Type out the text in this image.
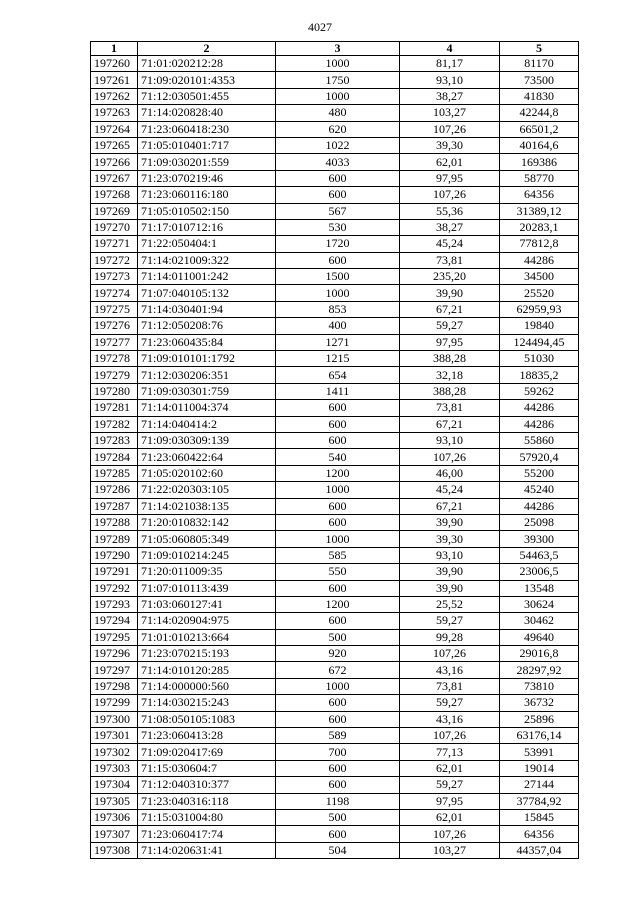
4027
1	2	3	4	5
197260	71:01:020212:28	1000	81,17	81170
197261	71:09:020101:4353	1750	93,10	73500
197262	71:12:030501:455	1000	38,27	41830
197263	71:14:020828:40	480	103,27	42244,8
197264	71:23:060418:230	620	107,26	66501,2
197265	71:05:010401:717	1022	39,30	40164,6
197266	71:09:030201:559	4033	62,01	169386
197267	71:23:070219:46	600	97,95	58770
197268	71:23:060116:180	600	107,26	64356
197269	71:05:010502:150	567	55,36	31389,12
197270	71:17:010712:16	530	38,27	20283,1
197271	71:22:050404:1	1720	45,24	77812,8
197272	71:14:021009:322	600	73,81	44286
197273	71:14:011001:242	1500	235,20	34500
197274	71:07:040105:132	1000	39,90	25520
197275	71:14:030401:94	853	67,21	62959,93
197276	71:12:050208:76	400	59,27	19840
197277	71:23:060435:84	1271	97,95	124494,45
197278	71:09:010101:1792	1215	388,28	51030
197279	71:12:030206:351	654	32,18	18835,2
197280	71:09:030301:759	1411	388,28	59262
197281	71:14:011004:374	600	73,81	44286
197282	71:14:040414:2	600	67,21	44286
197283	71:09:030309:139	600	93,10	55860
197284	71:23:060422:64	540	107,26	57920,4
197285	71:05:020102:60	1200	46,00	55200
197286	71:22:020303:105	1000	45,24	45240
197287	71:14:021038:135	600	67,21	44286
197288	71:20:010832:142	600	39,90	25098
197289	71:05:060805:349	1000	39,30	39300
197290	71:09:010214:245	585	93,10	54463,5
197291	71:20:011009:35	550	39,90	23006,5
197292	71:07:010113:439	600	39,90	13548
197293	71:03:060127:41	1200	25,52	30624
197294	71:14:020904:975	600	59,27	30462
197295	71:01:010213:664	500	99,28	49640
197296	71:23:070215:193	920	107,26	29016,8
197297	71:14:010120:285	672	43,16	28297,92
197298	71:14:000000:560	1000	73,81	73810
197299	71:14:030215:243	600	59,27	36732
197300	71:08:050105:1083	600	43,16	25896
197301	71:23:060413:28	589	107,26	63176,14
197302	71:09:020417:69	700	77,13	53991
197303	71:15:030604:7	600	62,01	19014
197304	71:12:040310:377	600	59,27	27144
197305	71:23:040316:118	1198	97,95	37784,92
197306	71:15:031004:80	500	62,01	15845
197307	71:23:060417:74	600	107,26	64356
197308	71:14:020631:41	504	103,27	44357,04
